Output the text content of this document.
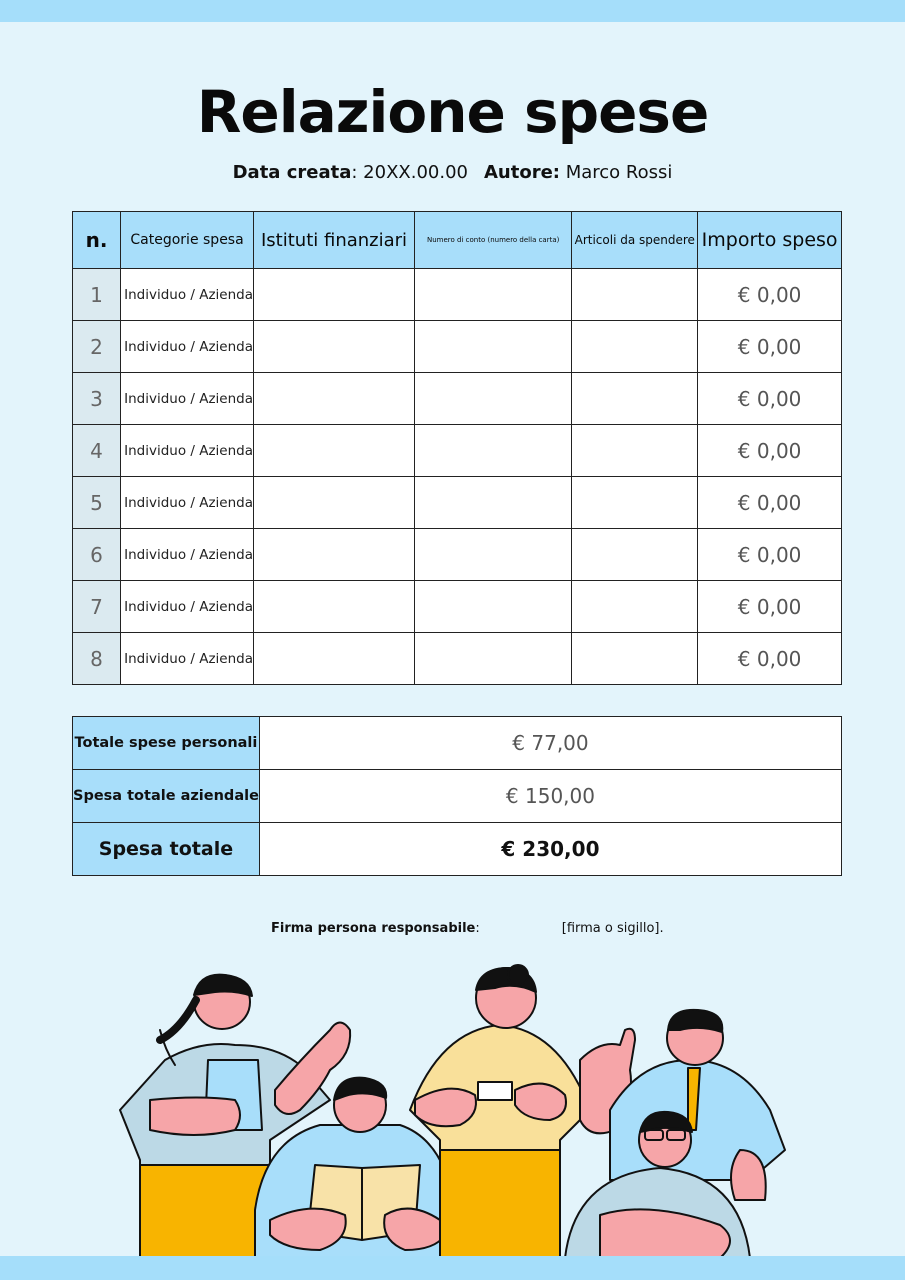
Relazione spese
Data creata: 20XX.00.00 Autore: Marco Rossi
n.	Categorie spesa	Istituti finanziari	Numero di conto (numero della carta)	Articoli da spendere	Importo speso
1	Individuo / Azienda				€ 0,00
2	Individuo / Azienda				€ 0,00
3	Individuo / Azienda				€ 0,00
4	Individuo / Azienda				€ 0,00
5	Individuo / Azienda				€ 0,00
6	Individuo / Azienda				€ 0,00
7	Individuo / Azienda				€ 0,00
8	Individuo / Azienda				€ 0,00
Totale spese personali	€ 77,00
Spesa totale aziendale	€ 150,00
Spesa totale	€ 230,00
Firma persona responsabile:	[firma o sigillo].
